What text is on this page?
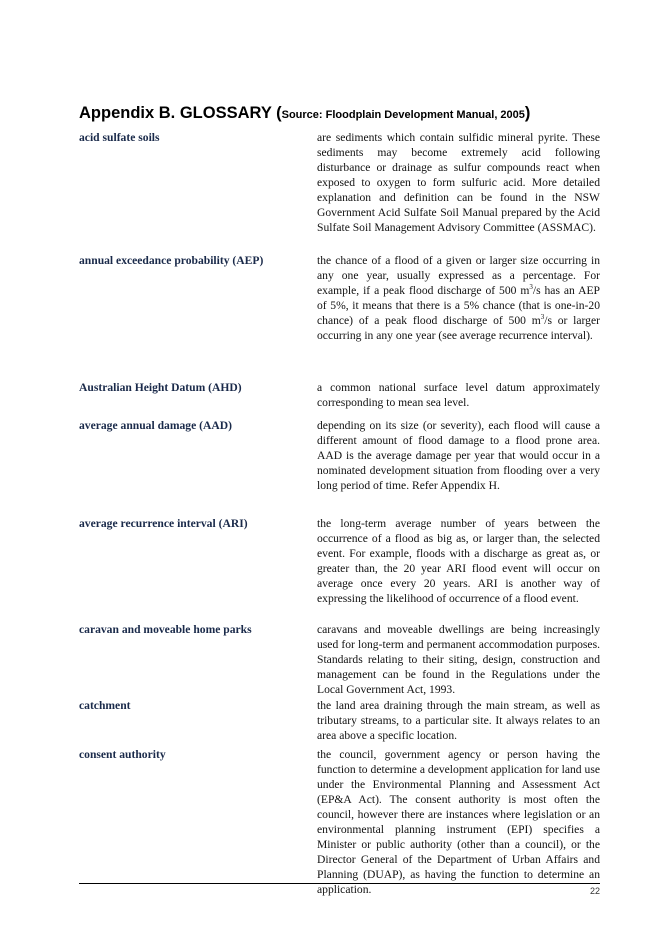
Appendix B. GLOSSARY (Source: Floodplain Development Manual, 2005)
acid sulfate soils	are sediments which contain sulfidic mineral pyrite. These sediments may become extremely acid following disturbance or drainage as sulfur compounds react when exposed to oxygen to form sulfuric acid. More detailed explanation and definition can be found in the NSW Government Acid Sulfate Soil Manual prepared by the Acid Sulfate Soil Management Advisory Committee (ASSMAC).
annual exceedance probability (AEP)	the chance of a flood of a given or larger size occurring in any one year, usually expressed as a percentage. For example, if a peak flood discharge of 500 $m^3/s$ has an AEP of 5%, it means that there is a 5% chance (that is one-in-20 chance) of a peak flood discharge of 500 $m^3/s$ or larger occurring in any one year (see average recurrence interval).
Australian Height Datum (AHD)	a common national surface level datum approximately corresponding to mean sea level.
average annual damage (AAD)	depending on its size (or severity), each flood will cause a different amount of flood damage to a flood prone area. AAD is the average damage per year that would occur in a nominated development situation from flooding over a very long period of time. Refer Appendix H.
average recurrence interval (ARI)	the long-term average number of years between the occurrence of a flood as big as, or larger than, the selected event. For example, floods with a discharge as great as, or greater than, the 20 year ARI flood event will occur on average once every 20 years. ARI is another way of expressing the likelihood of occurrence of a flood event.
caravan and moveable home parks	caravans and moveable dwellings are being increasingly used for long-term and permanent accommodation purposes. Standards relating to their siting, design, construction and management can be found in the Regulations under the Local Government Act, 1993.
catchment	the land area draining through the main stream, as well as tributary streams, to a particular site. It always relates to an area above a specific location.
consent authority	the council, government agency or person having the function to determine a development application for land use under the Environmental Planning and Assessment Act (EP&A Act). The consent authority is most often the council, however there are instances where legislation or an environmental planning instrument (EPI) specifies a Minister or public authority (other than a council), or the Director General of the Department of Urban Affairs and Planning (DUAP), as having the function to determine an application.	22
